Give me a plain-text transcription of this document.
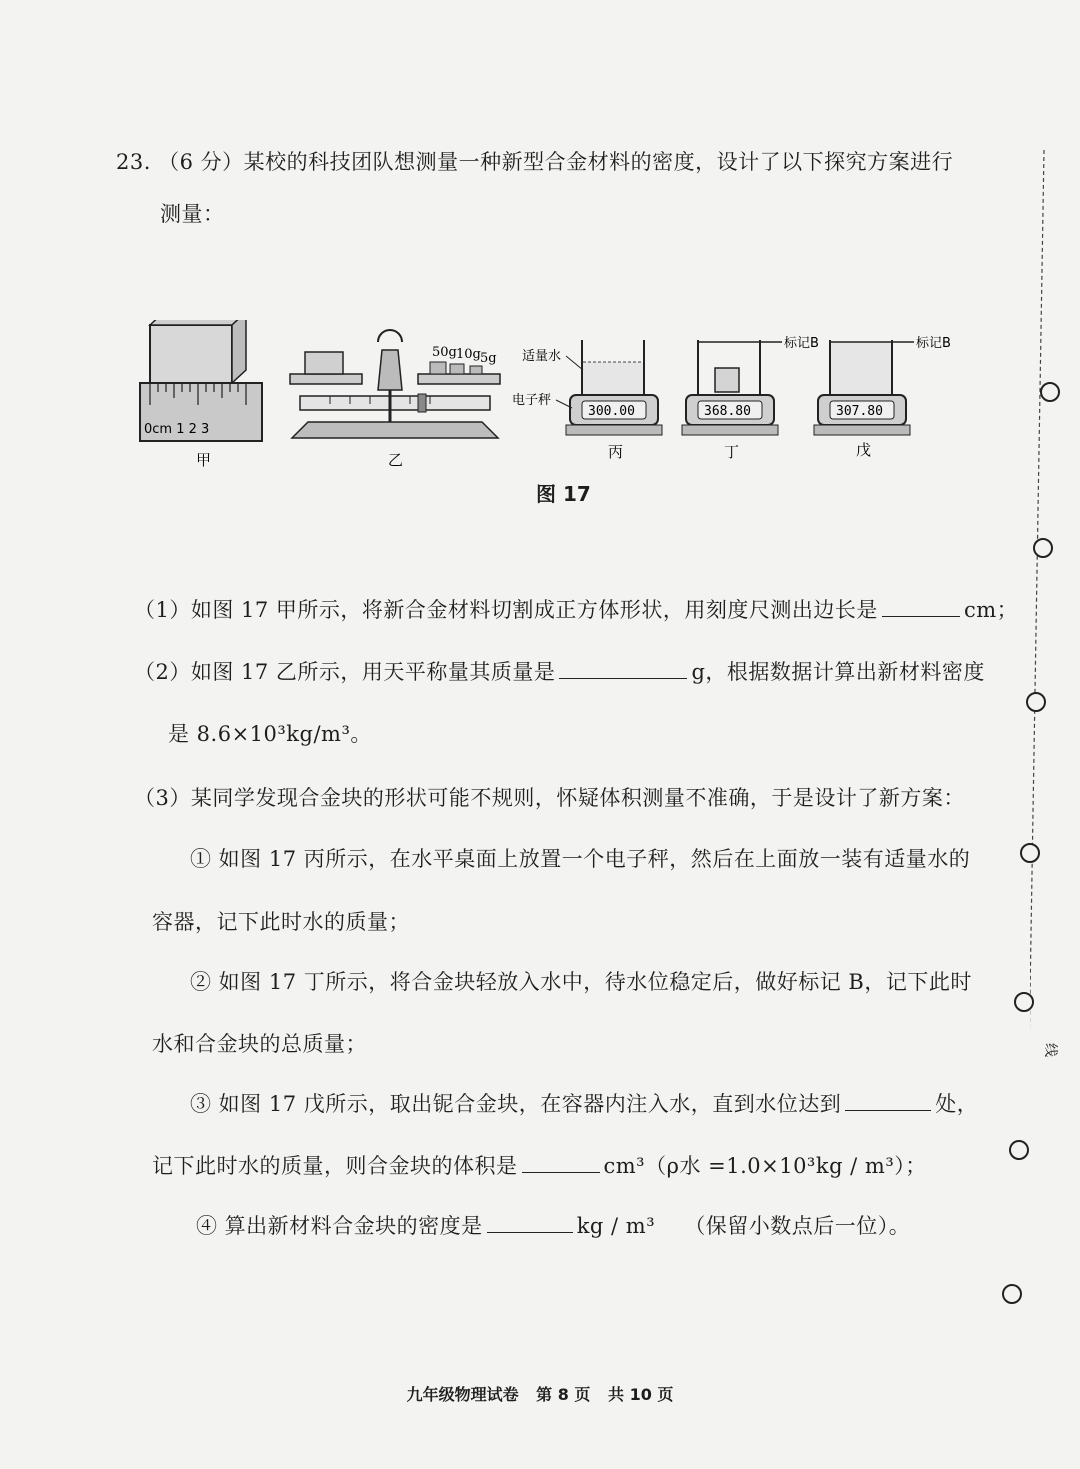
23. （6 分）某校的科技团队想测量一种新型合金材料的密度，设计了以下探究方案进行
测量：
0cm 1 2 3
甲
50g 10g 5g
乙
适量水
电子秤
300.00
丙
标记B
368.80
丁
标记B
307.80
戊
图 17
（1）如图 17 甲所示，将新合金材料切割成正方体形状，用刻度尺测出边长是	cm；
（2）如图 17 乙所示，用天平称量其质量是	g，根据数据计算出新材料密度
是 8.6×10³kg/m³。
（3）某同学发现合金块的形状可能不规则，怀疑体积测量不准确，于是设计了新方案：
① 如图 17 丙所示，在水平桌面上放置一个电子秤，然后在上面放一装有适量水的
容器，记下此时水的质量；
② 如图 17 丁所示，将合金块轻放入水中，待水位稳定后，做好标记 B，记下此时
水和合金块的总质量；
③ 如图 17 戊所示，取出铌合金块，在容器内注入水，直到水位达到	处，
记下此时水的质量，则合金块的体积是	cm³（ρ水 =1.0×10³kg / m³）；
④ 算出新材料合金块的密度是	kg / m³ （保留小数点后一位）。
线
九年级物理试卷 第 8 页 共 10 页
